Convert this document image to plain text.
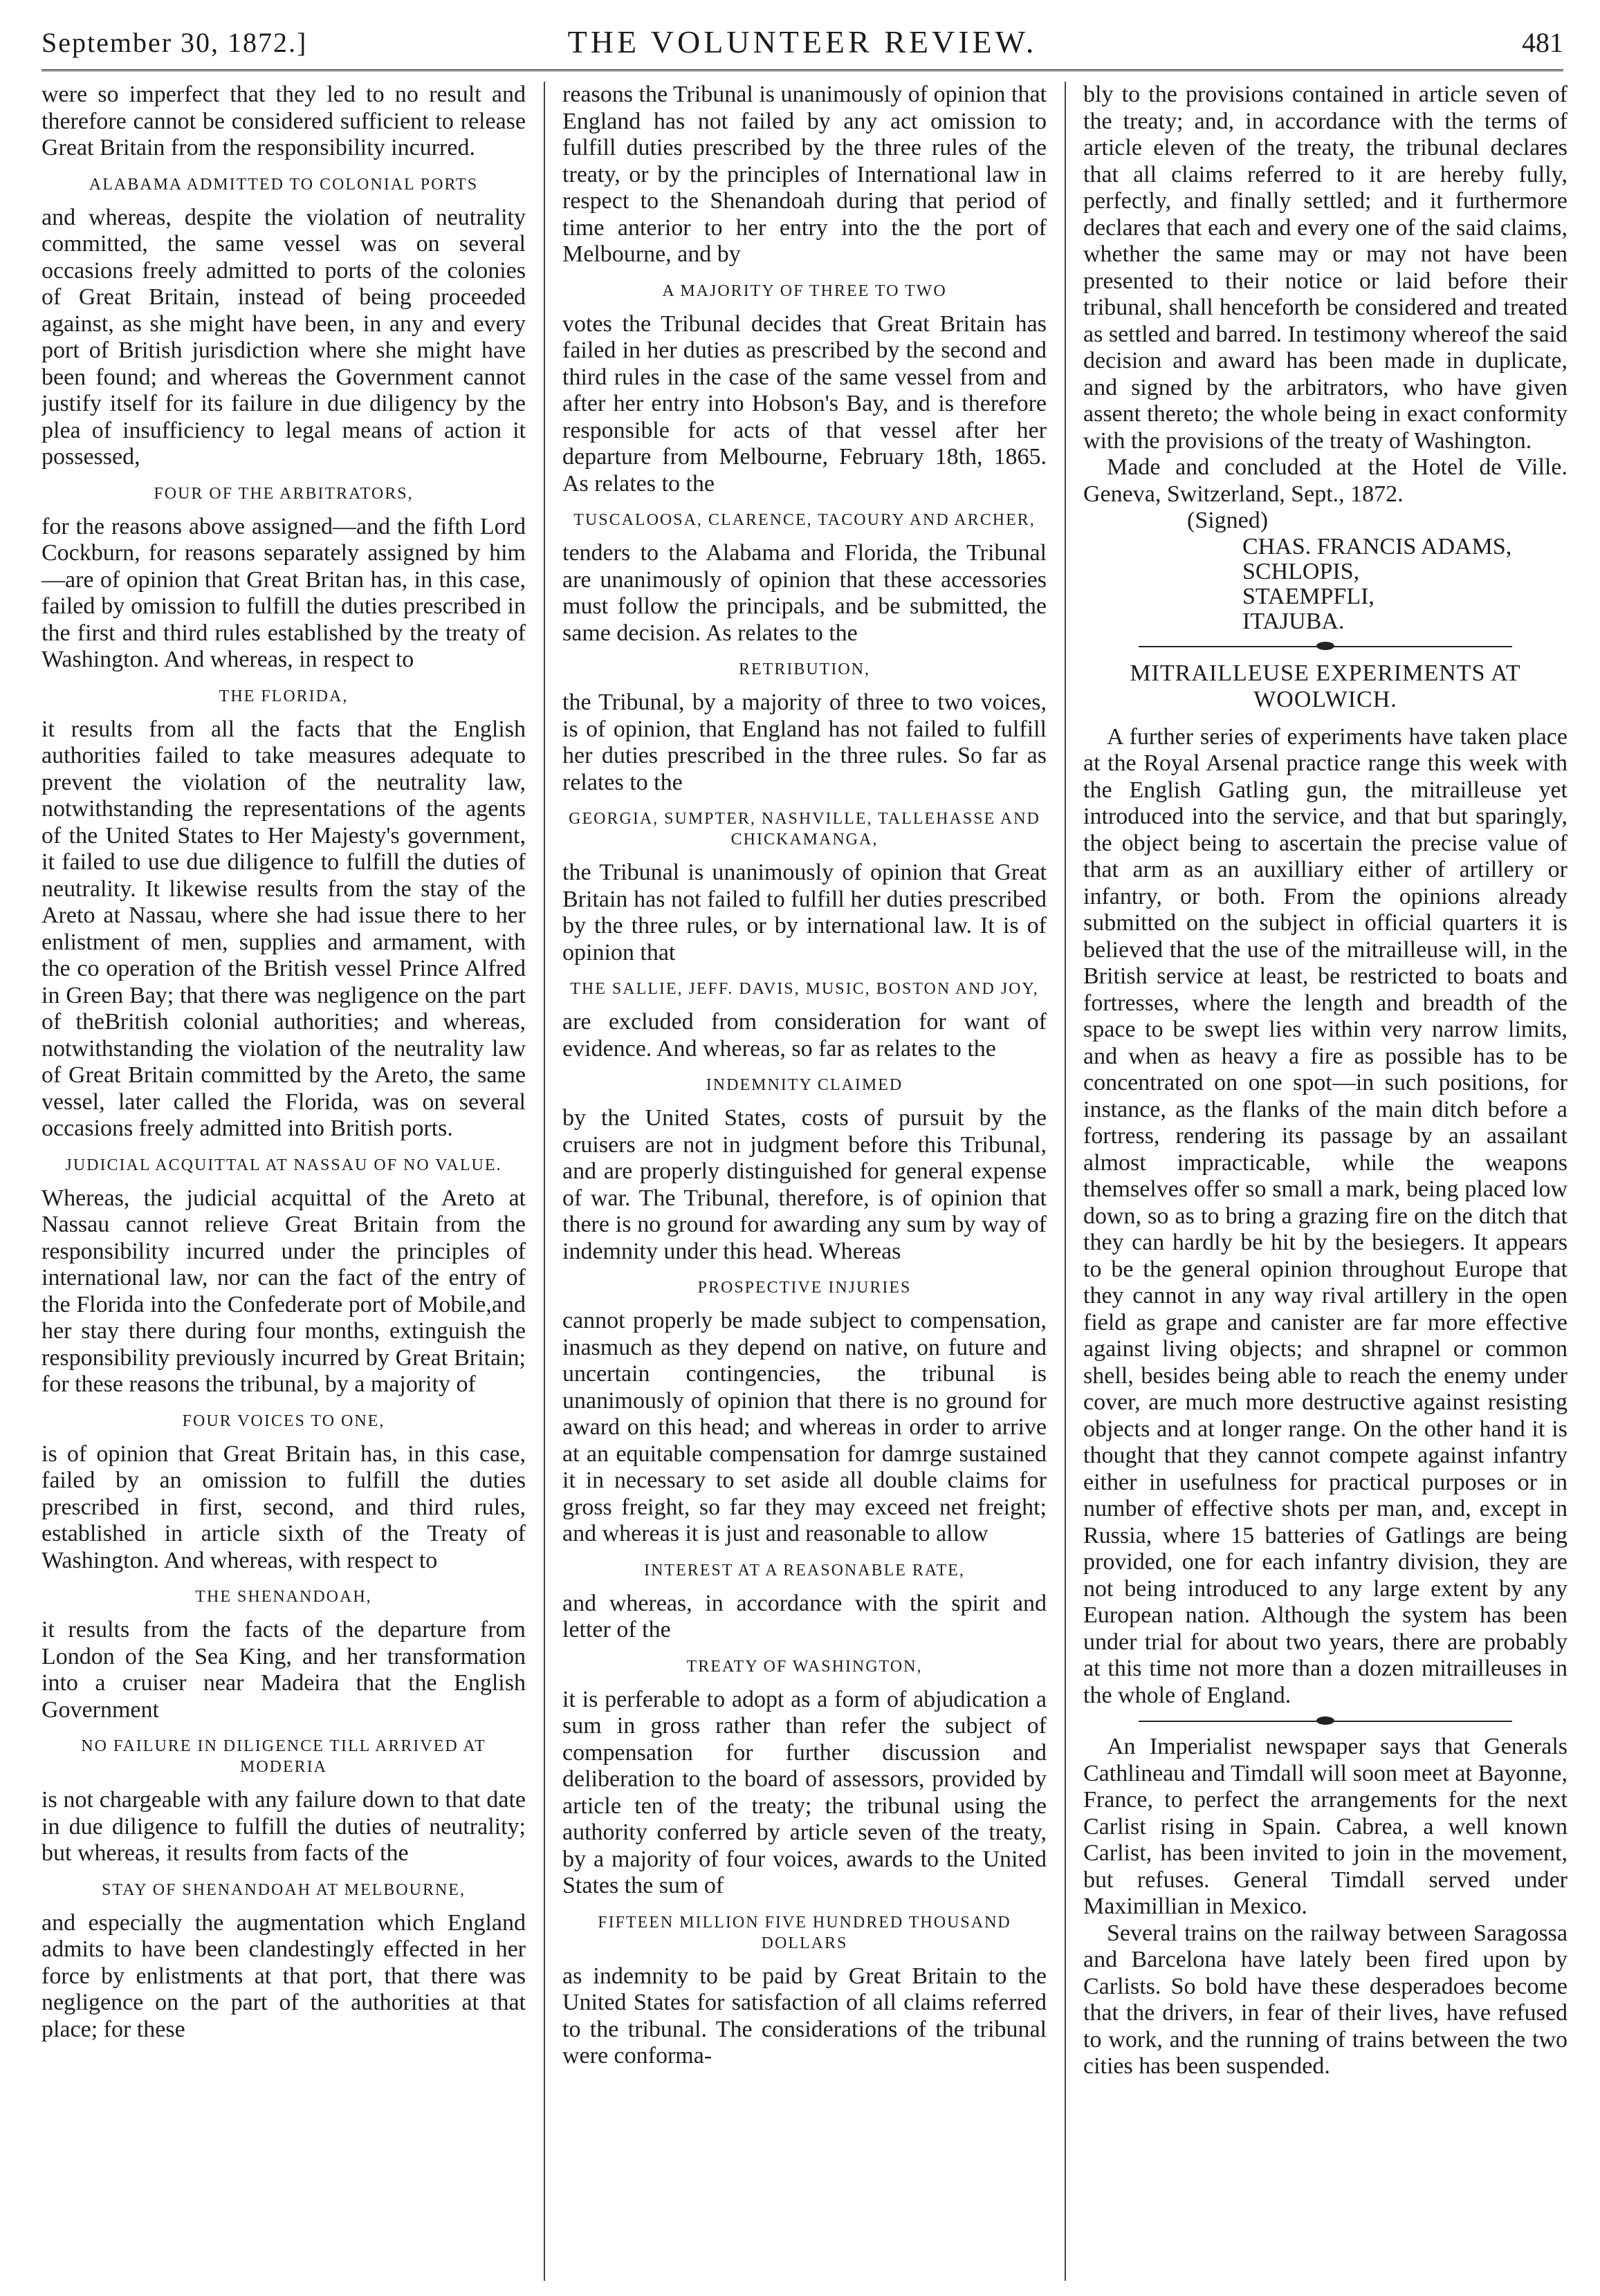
September 30, 1872.]	THE VOLUNTEER REVIEW.	481

were so imperfect that they led to no result and therefore cannot be considered sufficient to release Great Britain from the responsibility incurred.

ALABAMA ADMITTED TO COLONIAL PORTS

and whereas, despite the violation of neutrality committed, the same vessel was on several occasions freely admitted to ports of the colonies of Great Britain, instead of being proceeded against, as she might have been, in any and every port of British jurisdiction where she might have been found; and whereas the Government cannot justify itself for its failure in due diligency by the plea of insufficiency to legal means of action it possessed,

FOUR OF THE ARBITRATORS,

for the reasons above assigned—and the fifth Lord Cockburn, for reasons separately assigned by him—are of opinion that Great Britan has, in this case, failed by omission to fulfill the duties prescribed in the first and third rules established by the treaty of Washington. And whereas, in respect to

THE FLORIDA,

it results from all the facts that the English authorities failed to take measures adequate to prevent the violation of the neutrality law, notwithstanding the representations of the agents of the United States to Her Majesty's government, it failed to use due diligence to fulfill the duties of neutrality. It likewise results from the stay of the Areto at Nassau, where she had issue there to her enlistment of men, supplies and armament, with the co operation of the British vessel Prince Alfred in Green Bay; that there was negligence on the part of theBritish colonial authorities; and whereas, notwithstanding the violation of the neutrality law of Great Britain committed by the Areto, the same vessel, later called the Florida, was on several occasions freely admitted into British ports.

JUDICIAL ACQUITTAL AT NASSAU OF NO VALUE.

Whereas, the judicial acquittal of the Areto at Nassau cannot relieve Great Britain from the responsibility incurred under the principles of international law, nor can the fact of the entry of the Florida into the Confederate port of Mobile,and her stay there during four months, extinguish the responsibility previously incurred by Great Britain; for these reasons the tribunal, by a majority of

FOUR VOICES TO ONE,

is of opinion that Great Britain has, in this case, failed by an omission to fulfill the duties prescribed in first, second, and third rules, established in article sixth of the Treaty of Washington. And whereas, with respect to

THE SHENANDOAH,

it results from the facts of the departure from London of the Sea King, and her transformation into a cruiser near Madeira that the English Government

NO FAILURE IN DILIGENCE TILL ARRIVED AT MODERIA

is not chargeable with any failure down to that date in due diligence to fulfill the duties of neutrality; but whereas, it results from facts of the

STAY OF SHENANDOAH AT MELBOURNE,

and especially the augmentation which England admits to have been clandestingly effected in her force by enlistments at that port, that there was negligence on the part of the authorities at that place; for these

reasons the Tribunal is unanimously of opinion that England has not failed by any act omission to fulfill duties prescribed by the three rules of the treaty, or by the principles of International law in respect to the Shenandoah during that period of time anterior to her entry into the the port of Melbourne, and by

A MAJORITY OF THREE TO TWO

votes the Tribunal decides that Great Britain has failed in her duties as prescribed by the second and third rules in the case of the same vessel from and after her entry into Hobson's Bay, and is therefore responsible for acts of that vessel after her departure from Melbourne, February 18th, 1865. As relates to the

TUSCALOOSA, CLARENCE, TACOURY AND ARCHER,

tenders to the Alabama and Florida, the Tribunal are unanimously of opinion that these accessories must follow the principals, and be submitted, the same decision. As relates to the

RETRIBUTION,

the Tribunal, by a majority of three to two voices, is of opinion, that England has not failed to fulfill her duties prescribed in the three rules. So far as relates to the

GEORGIA, SUMPTER, NASHVILLE, TALLEHASSE AND CHICKAMANGA,

the Tribunal is unanimously of opinion that Great Britain has not failed to fulfill her duties prescribed by the three rules, or by international law. It is of opinion that

THE SALLIE, JEFF. DAVIS, MUSIC, BOSTON AND JOY,

are excluded from consideration for want of evidence. And whereas, so far as relates to the

INDEMNITY CLAIMED

by the United States, costs of pursuit by the cruisers are not in judgment before this Tribunal, and are properly distinguished for general expense of war. The Tribunal, therefore, is of opinion that there is no ground for awarding any sum by way of indemnity under this head. Whereas

PROSPECTIVE INJURIES

cannot properly be made subject to compensation, inasmuch as they depend on native, on future and uncertain contingencies, the tribunal is unanimously of opinion that there is no ground for award on this head; and whereas in order to arrive at an equitable compensation for damrge sustained it in necessary to set aside all double claims for gross freight, so far they may exceed net freight; and whereas it is just and reasonable to allow

INTEREST AT A REASONABLE RATE,

and whereas, in accordance with the spirit and letter of the

TREATY OF WASHINGTON,

it is perferable to adopt as a form of abjudication a sum in gross rather than refer the subject of compensation for further discussion and deliberation to the board of assessors, provided by article ten of the treaty; the tribunal using the authority conferred by article seven of the treaty, by a majority of four voices, awards to the United States the sum of

FIFTEEN MILLION FIVE HUNDRED THOUSAND DOLLARS

as indemnity to be paid by Great Britain to the United States for satisfaction of all claims referred to the tribunal. The considerations of the tribunal were conforma-

bly to the provisions contained in article seven of the treaty; and, in accordance with the terms of article eleven of the treaty, the tribunal declares that all claims referred to it are hereby fully, perfectly, and finally settled; and it furthermore declares that each and every one of the said claims, whether the same may or may not have been presented to their notice or laid before their tribunal, shall henceforth be considered and treated as settled and barred. In testimony whereof the said decision and award has been made in duplicate, and signed by the arbitrators, who have given assent thereto; the whole being in exact conformity with the provisions of the treaty of Washington.

Made and concluded at the Hotel de Ville. Geneva, Switzerland, Sept., 1872.

(Signed)

CHAS. FRANCIS ADAMS,

SCHLOPIS,

STAEMPFLI,

ITAJUBA.

MITRAILLEUSE EXPERIMENTS AT WOOLWICH.

A further series of experiments have taken place at the Royal Arsenal practice range this week with the English Gatling gun, the mitrailleuse yet introduced into the service, and that but sparingly, the object being to ascertain the precise value of that arm as an auxilliary either of artillery or infantry, or both. From the opinions already submitted on the subject in official quarters it is believed that the use of the mitrailleuse will, in the British service at least, be restricted to boats and fortresses, where the length and breadth of the space to be swept lies within very narrow limits, and when as heavy a fire as possible has to be concentrated on one spot—in such positions, for instance, as the flanks of the main ditch before a fortress, rendering its passage by an assailant almost impracticable, while the weapons themselves offer so small a mark, being placed low down, so as to bring a grazing fire on the ditch that they can hardly be hit by the besiegers. It appears to be the general opinion throughout Europe that they cannot in any way rival artillery in the open field as grape and canister are far more effective against living objects; and shrapnel or common shell, besides being able to reach the enemy under cover, are much more destructive against resisting objects and at longer range. On the other hand it is thought that they cannot compete against infantry either in usefulness for practical purposes or in number of effective shots per man, and, except in Russia, where 15 batteries of Gatlings are being provided, one for each infantry division, they are not being introduced to any large extent by any European nation. Although the system has been under trial for about two years, there are probably at this time not more than a dozen mitrailleuses in the whole of England.

An Imperialist newspaper says that Generals Cathlineau and Timdall will soon meet at Bayonne, France, to perfect the arrangements for the next Carlist rising in Spain. Cabrea, a well known Carlist, has been invited to join in the movement, but refuses. General Timdall served under Maximillian in Mexico.

Several trains on the railway between Saragossa and Barcelona have lately been fired upon by Carlists. So bold have these desperadoes become that the drivers, in fear of their lives, have refused to work, and the running of trains between the two cities has been suspended.
